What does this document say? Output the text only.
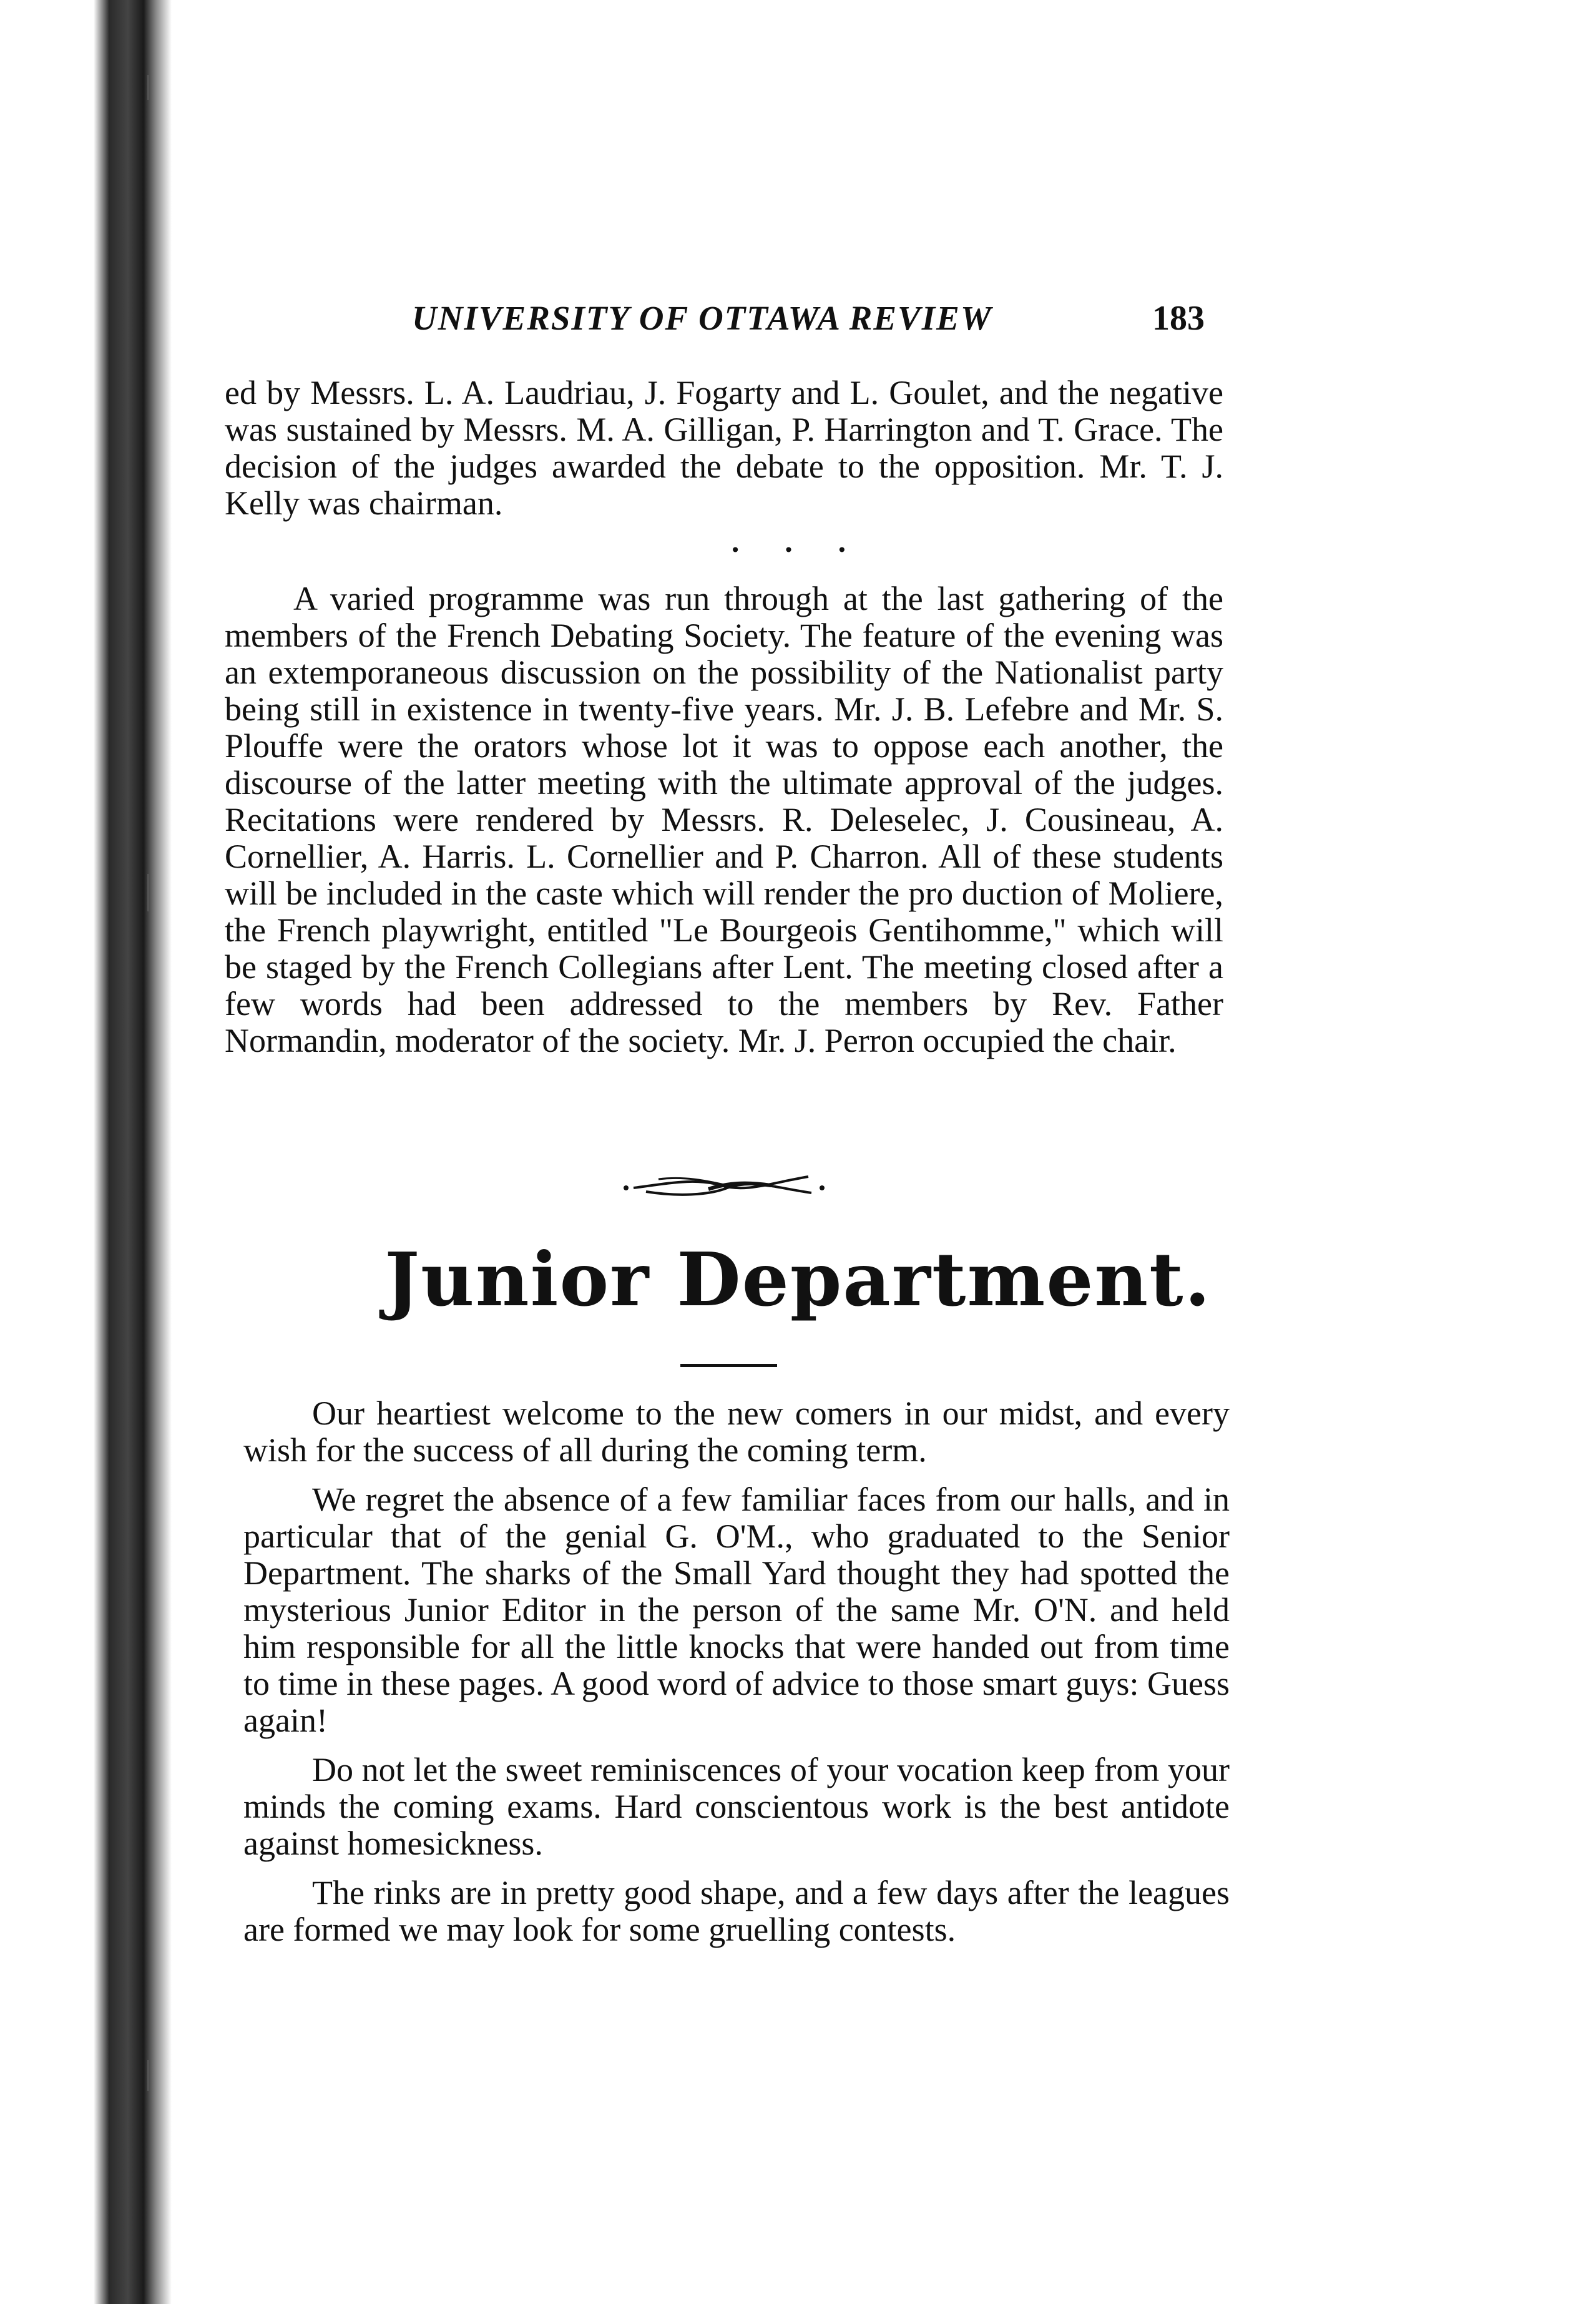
UNIVERSITY OF OTTAWA REVIEW	183

ed by Messrs. L. A. Laudriau, J. Fogarty and L. Goulet, and the negative was sustained by Messrs. M. A. Gilligan, P. Harrington and T. Grace. The decision of the judges awarded the debate to the opposition. Mr. T. J. Kelly was chairman.

• • •

A varied programme was run through at the last gathering of the members of the French Debating Society. The feature of the evening was an extemporaneous discussion on the possibility of the Nationalist party being still in existence in twenty-five years. Mr. J. B. Lefebre and Mr. S. Plouffe were the orators whose lot it was to oppose each another, the discourse of the latter meeting with the ultimate approval of the judges. Recitations were rendered by Messrs. R. Deleselec, J. Cousineau, A. Cornellier, A. Harris. L. Cornellier and P. Charron. All of these students will be included in the caste which will render the pro duction of Moliere, the French playwright, entitled "Le Bourgeois Gentihomme," which will be staged by the French Collegians after Lent. The meeting closed after a few words had been addressed to the members by Rev. Father Normandin, moderator of the society. Mr. J. Perron occupied the chair.

Junior Department.

Our heartiest welcome to the new comers in our midst, and every wish for the success of all during the coming term.

We regret the absence of a few familiar faces from our halls, and in particular that of the genial G. O'M., who graduated to the Senior Department. The sharks of the Small Yard thought they had spotted the mysterious Junior Editor in the person of the same Mr. O'N. and held him responsible for all the little knocks that were handed out from time to time in these pages. A good word of advice to those smart guys: Guess again!

Do not let the sweet reminiscences of your vocation keep from your minds the coming exams. Hard conscientous work is the best antidote against homesickness.

The rinks are in pretty good shape, and a few days after the leagues are formed we may look for some gruelling contests.
